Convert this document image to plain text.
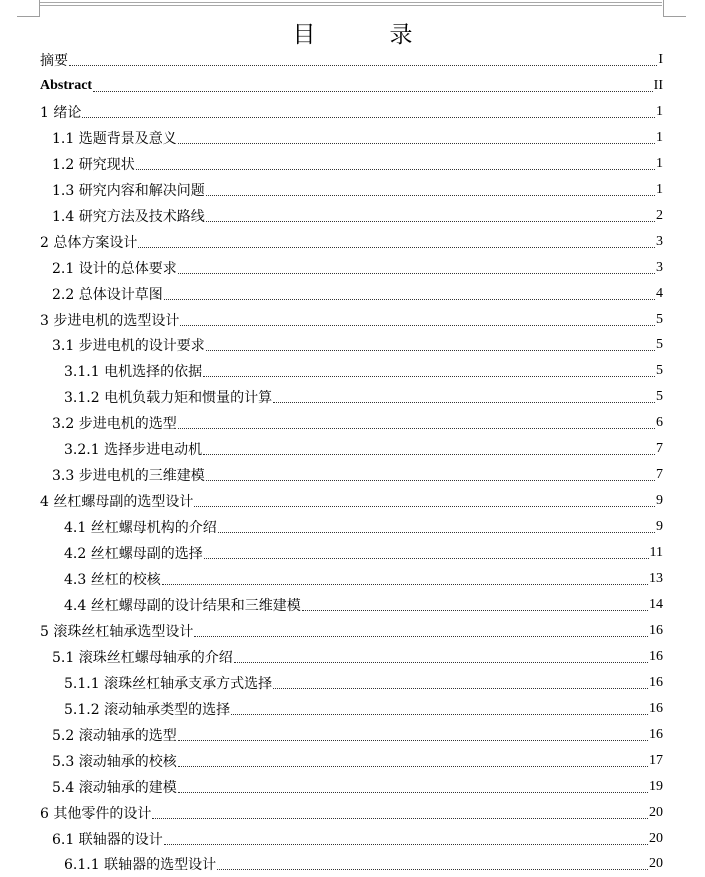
目	录
摘要	I
Abstract	II
1 绪论	1
1.1 选题背景及意义	1
1.2 研究现状	1
1.3 研究内容和解决问题	1
1.4 研究方法及技术路线	2
2 总体方案设计	3
2.1 设计的总体要求	3
2.2 总体设计草图	4
3 步进电机的选型设计	5
3.1 步进电机的设计要求	5
3.1.1 电机选择的依据	5
3.1.2 电机负载力矩和惯量的计算	5
3.2 步进电机的选型	6
3.2.1 选择步进电动机	7
3.3 步进电机的三维建模	7
4 丝杠螺母副的选型设计	9
4.1 丝杠螺母机构的介绍	9
4.2 丝杠螺母副的选择	11
4.3 丝杠的校核	13
4.4 丝杠螺母副的设计结果和三维建模	14
5 滚珠丝杠轴承选型设计	16
5.1 滚珠丝杠螺母轴承的介绍	16
5.1.1 滚珠丝杠轴承支承方式选择	16
5.1.2 滚动轴承类型的选择	16
5.2 滚动轴承的选型	16
5.3 滚动轴承的校核	17
5.4 滚动轴承的建模	19
6 其他零件的设计	20
6.1 联轴器的设计	20
6.1.1 联轴器的选型设计	20
